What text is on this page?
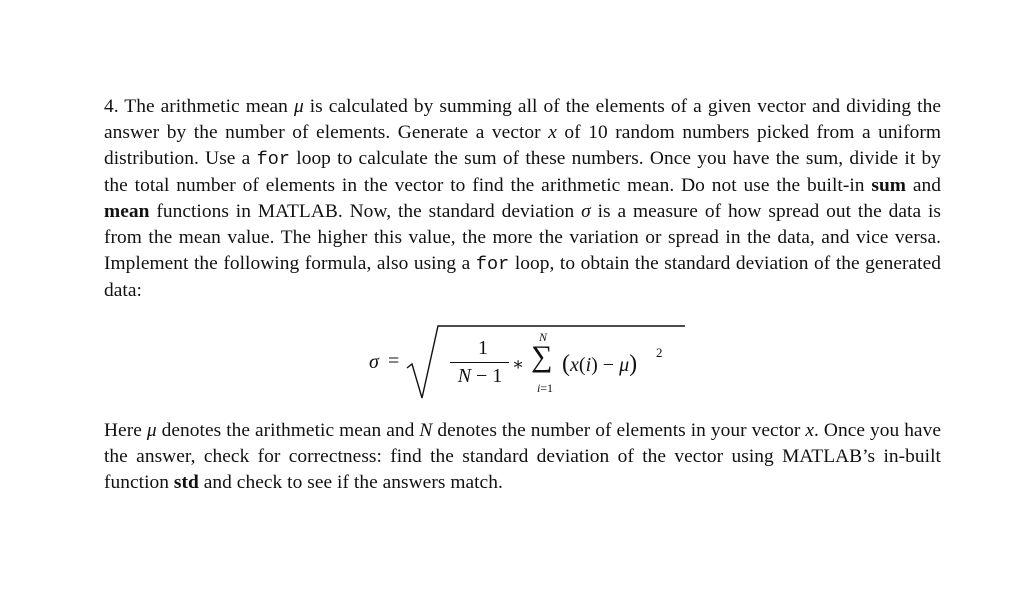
4. The arithmetic mean μ is calculated by summing all of the elements of a given vector and dividing the answer by the number of elements. Generate a vector x of 10 random numbers picked from a uniform distribution. Use a for loop to calculate the sum of these numbers. Once you have the sum, divide it by the total number of elements in the vector to find the arithmetic mean. Do not use the built-in sum and mean functions in MATLAB. Now, the standard deviation σ is a measure of how spread out the data is from the mean value. The higher this value, the more the variation or spread in the data, and vice versa. Implement the following formula, also using a for loop, to obtain the standard deviation of the generated data:

σ =
1
N − 1
∗
N
∑
i=1
(x(i) − μ) 2

Here μ denotes the arithmetic mean and N denotes the number of elements in your vector x. Once you have the answer, check for correctness: find the standard deviation of the vector using MATLAB’s in-built function std and check to see if the answers match.
